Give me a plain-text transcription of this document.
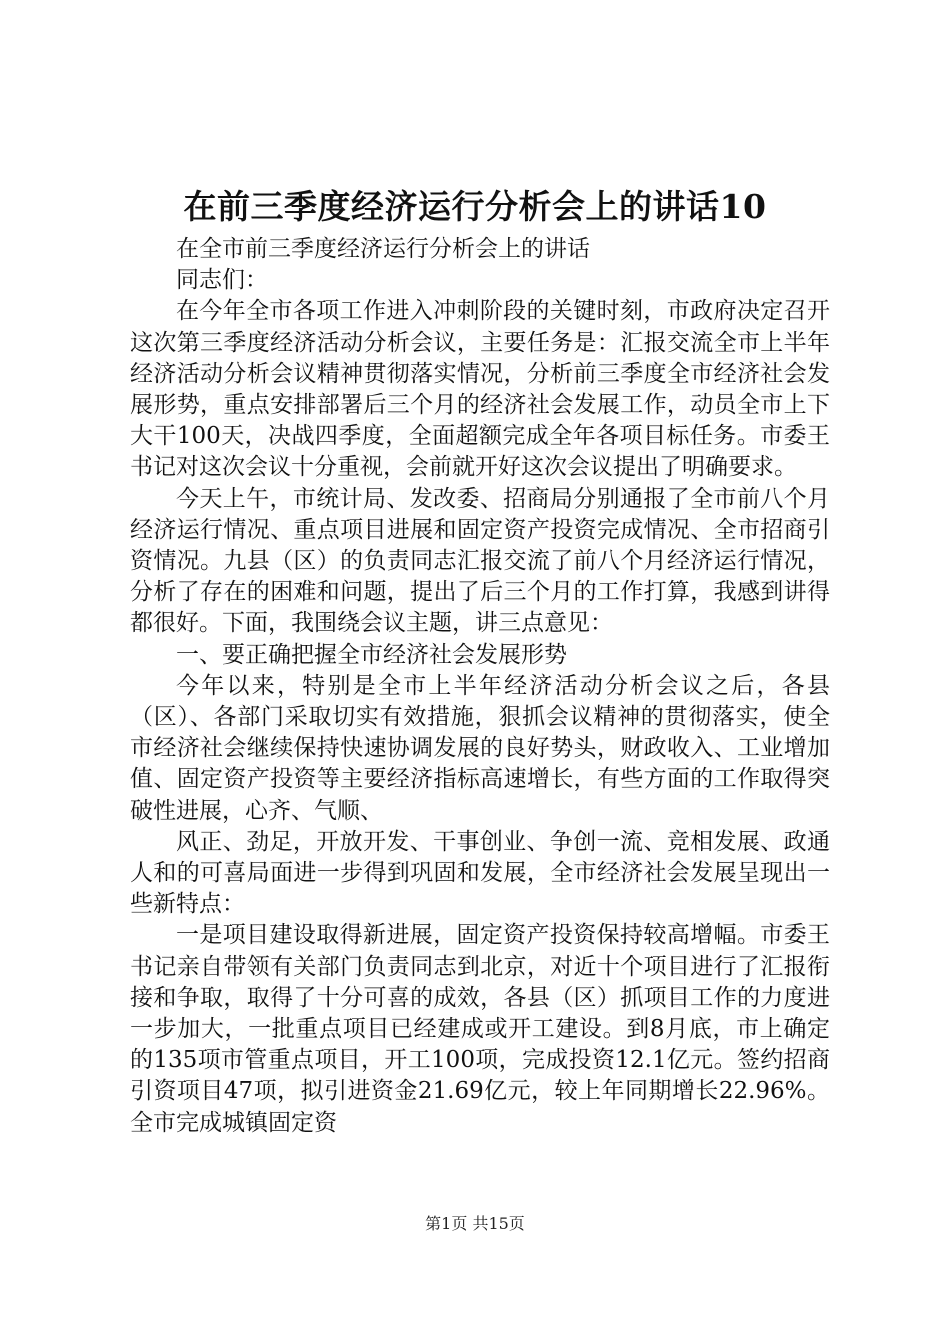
在前三季度经济运行分析会上的讲话10

在全市前三季度经济运行分析会上的讲话

同志们：

在今年全市各项工作进入冲刺阶段的关键时刻，市政府决定召开这次第三季度经济活动分析会议，主要任务是：汇报交流全市上半年经济活动分析会议精神贯彻落实情况，分析前三季度全市经济社会发展形势，重点安排部署后三个月的经济社会发展工作，动员全市上下大干100天，决战四季度，全面超额完成全年各项目标任务。市委王书记对这次会议十分重视，会前就开好这次会议提出了明确要求。

今天上午，市统计局、发改委、招商局分别通报了全市前八个月经济运行情况、重点项目进展和固定资产投资完成情况、全市招商引资情况。九县（区）的负责同志汇报交流了前八个月经济运行情况，分析了存在的困难和问题，提出了后三个月的工作打算，我感到讲得都很好。下面，我围绕会议主题，讲三点意见：

一、要正确把握全市经济社会发展形势

今年以来，特别是全市上半年经济活动分析会议之后，各县（区）、各部门采取切实有效措施，狠抓会议精神的贯彻落实，使全市经济社会继续保持快速协调发展的良好势头，财政收入、工业增加值、固定资产投资等主要经济指标高速增长，有些方面的工作取得突破性进展，心齐、气顺、

风正、劲足，开放开发、干事创业、争创一流、竞相发展、政通人和的可喜局面进一步得到巩固和发展，全市经济社会发展呈现出一些新特点：

一是项目建设取得新进展，固定资产投资保持较高增幅。市委王书记亲自带领有关部门负责同志到北京，对近十个项目进行了汇报衔接和争取，取得了十分可喜的成效，各县（区）抓项目工作的力度进一步加大，一批重点项目已经建成或开工建设。到8月底，市上确定的135项市管重点项目，开工100项，完成投资12.1亿元。签约招商引资项目47项，拟引进资金21.69亿元，较上年同期增长22.96%。全市完成城镇固定资

第1页 共15页
